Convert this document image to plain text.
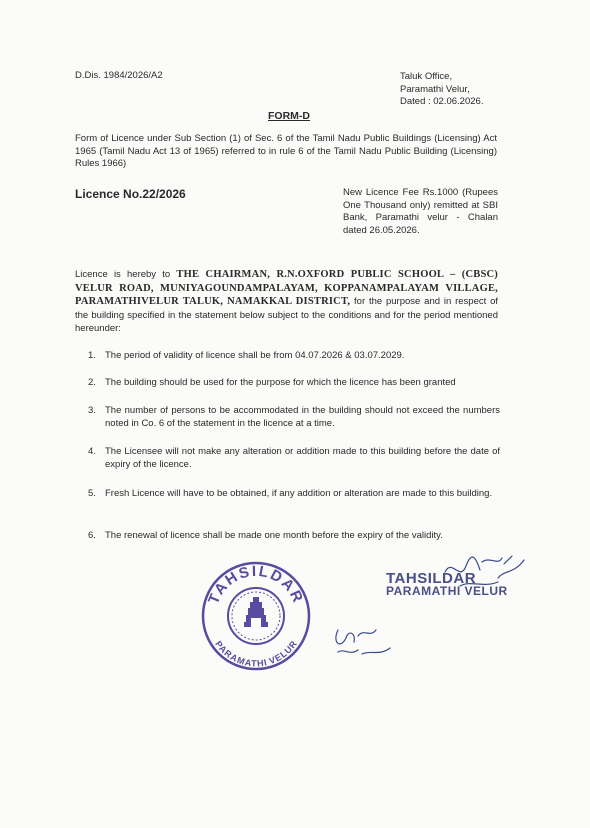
D.Dis. 1984/2026/A2	Taluk Office,
Paramathi Velur,
Dated : 02.06.2026.
FORM-D
Form of Licence under Sub Section (1) of Sec. 6 of the Tamil Nadu Public Buildings (Licensing) Act 1965 (Tamil Nadu Act 13 of 1965) referred to in rule 6 of the Tamil Nadu Public Building (Licensing) Rules 1966)
Licence No.22/2026	New Licence Fee Rs.1000 (Rupees One Thousand only) remitted at SBI Bank, Paramathi velur - Chalan dated 26.05.2026.
Licence is hereby to THE CHAIRMAN, R.N.OXFORD PUBLIC SCHOOL – (CBSC) VELUR ROAD, MUNIYAGOUNDAMPALAYAM, KOPPANAMPALAYAM VILLAGE, PARAMATHIVELUR TALUK, NAMAKKAL DISTRICT, for the purpose and in respect of the building specified in the statement below subject to the conditions and for the period mentioned hereunder:
1. The period of validity of licence shall be from 04.07.2026 & 03.07.2029.
2. The building should be used for the purpose for which the licence has been granted
3. The number of persons to be accommodated in the building should not exceed the numbers noted in Co. 6 of the statement in the licence at a time.
4. The Licensee will not make any alteration or addition made to this building before the date of expiry of the licence.
5. Fresh Licence will have to be obtained, if any addition or alteration are made to this building.
6. The renewal of licence shall be made one month before the expiry of the validity.
TAHSILDAR
PARAMATHI VELUR
TAHSILDAR
PARAMATHI VELUR
